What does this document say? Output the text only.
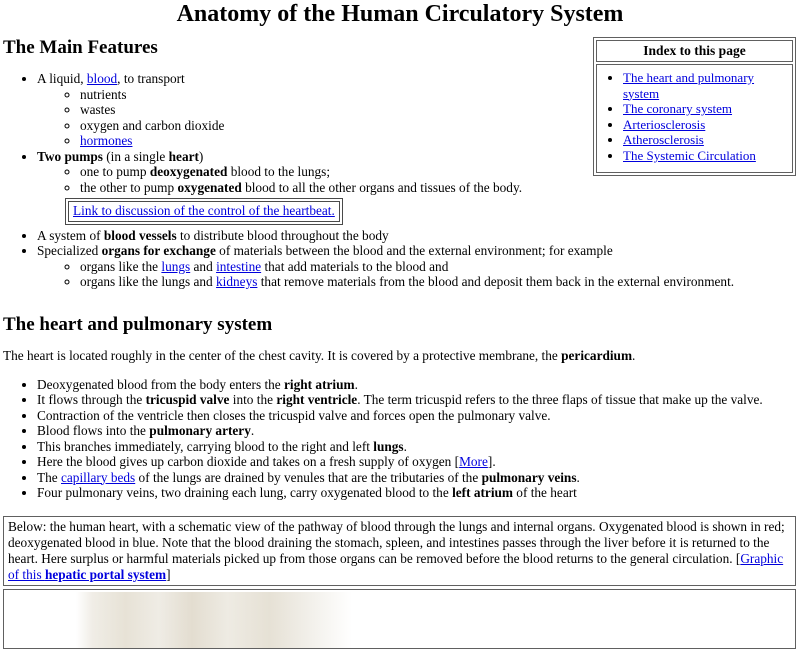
Anatomy of the Human Circulatory System
Index to this page
• The heart and pulmonary system
• The coronary system
• Arteriosclerosis
• Atherosclerosis
• The Systemic Circulation
The Main Features
• A liquid, blood, to transport
◦ nutrients
◦ wastes
◦ oxygen and carbon dioxide
◦ hormones
• Two pumps (in a single heart)
◦ one to pump deoxygenated blood to the lungs;
◦ the other to pump oxygenated blood to all the other organs and tissues of the body.
Link to discussion of the control of the heartbeat.
• A system of blood vessels to distribute blood throughout the body
• Specialized organs for exchange of materials between the blood and the external environment; for example
◦ organs like the lungs and intestine that add materials to the blood and
◦ organs like the lungs and kidneys that remove materials from the blood and deposit them back in the external environment.
The heart and pulmonary system

The heart is located roughly in the center of the chest cavity. It is covered by a protective membrane, the pericardium.

• Deoxygenated blood from the body enters the right atrium.
• It flows through the tricuspid valve into the right ventricle. The term tricuspid refers to the three flaps of tissue that make up the valve.
• Contraction of the ventricle then closes the tricuspid valve and forces open the pulmonary valve.
• Blood flows into the pulmonary artery.
• This branches immediately, carrying blood to the right and left lungs.
• Here the blood gives up carbon dioxide and takes on a fresh supply of oxygen [More].
• The capillary beds of the lungs are drained by venules that are the tributaries of the pulmonary veins.
• Four pulmonary veins, two draining each lung, carry oxygenated blood to the left atrium of the heart
Below: the human heart, with a schematic view of the pathway of blood through the lungs and internal organs. Oxygenated blood is shown in red; deoxygenated blood in blue. Note that the blood draining the stomach, spleen, and intestines passes through the liver before it is returned to the heart. Here surplus or harmful materials picked up from those organs can be removed before the blood returns to the general circulation. [Graphic of this hepatic portal system]
